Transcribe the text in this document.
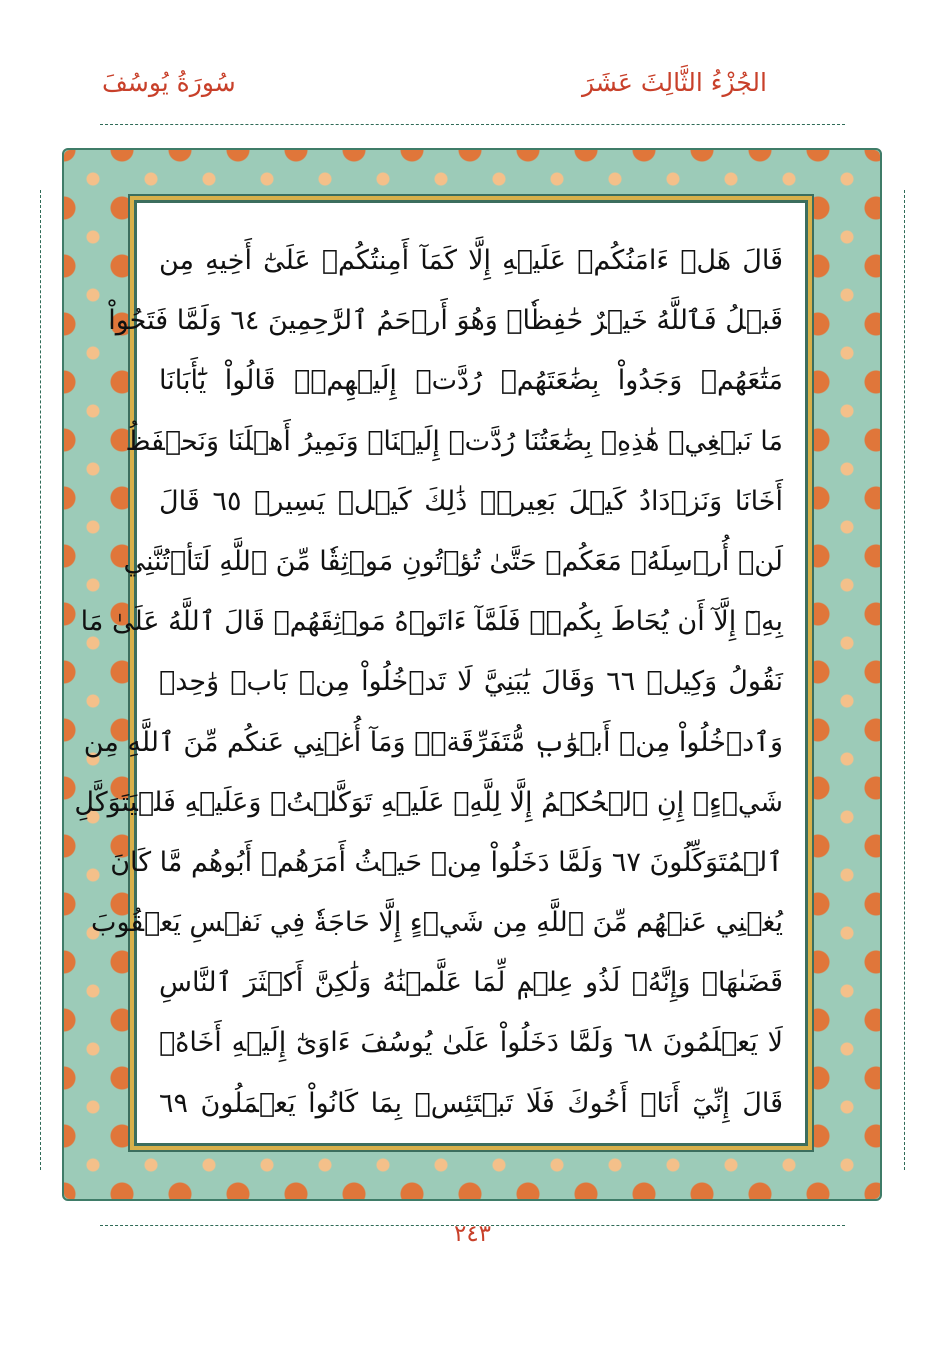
الجُزْءُ الثَّالِثَ عَشَرَ
سُورَةُ يُوسُفَ
قَالَ هَلۡ ءَامَنُكُمۡ عَلَيۡهِ إِلَّا كَمَآ أَمِنتُكُمۡ عَلَىٰٓ أَخِيهِ مِن
قَبۡلُ فَٱللَّهُ خَيۡرٌ حَٰفِظٗاۖ وَهُوَ أَرۡحَمُ ٱلرَّٰحِمِينَ ٦٤ وَلَمَّا فَتَحُواْ
مَتَٰعَهُمۡ وَجَدُواْ بِضَٰعَتَهُمۡ رُدَّتۡ إِلَيۡهِمۡۖ قَالُواْ يَٰٓأَبَانَا
مَا نَبۡغِيۖ هَٰذِهِۦ بِضَٰعَتُنَا رُدَّتۡ إِلَيۡنَاۖ وَنَمِيرُ أَهۡلَنَا وَنَحۡفَظُ
أَخَانَا وَنَزۡدَادُ كَيۡلَ بَعِيرٖۖ ذَٰلِكَ كَيۡلٞ يَسِيرٞ ٦٥ قَالَ
لَنۡ أُرۡسِلَهُۥ مَعَكُمۡ حَتَّىٰ تُؤۡتُونِ مَوۡثِقٗا مِّنَ ٱللَّهِ لَتَأۡتُنَّنِي
بِهِۦٓ إِلَّآ أَن يُحَاطَ بِكُمۡۖ فَلَمَّآ ءَاتَوۡهُ مَوۡثِقَهُمۡ قَالَ ٱللَّهُ عَلَىٰ مَا
نَقُولُ وَكِيلٞ ٦٦ وَقَالَ يَٰبَنِيَّ لَا تَدۡخُلُواْ مِنۢ بَابٖ وَٰحِدٖ
وَٱدۡخُلُواْ مِنۡ أَبۡوَٰبٖ مُّتَفَرِّقَةٖۖ وَمَآ أُغۡنِي عَنكُم مِّنَ ٱللَّهِ مِن
شَيۡءٍۖ إِنِ ٱلۡحُكۡمُ إِلَّا لِلَّهِۖ عَلَيۡهِ تَوَكَّلۡتُۖ وَعَلَيۡهِ فَلۡيَتَوَكَّلِ
ٱلۡمُتَوَكِّلُونَ ٦٧ وَلَمَّا دَخَلُواْ مِنۡ حَيۡثُ أَمَرَهُمۡ أَبُوهُم مَّا كَانَ
يُغۡنِي عَنۡهُم مِّنَ ٱللَّهِ مِن شَيۡءٍ إِلَّا حَاجَةٗ فِي نَفۡسِ يَعۡقُوبَ
قَضَىٰهَاۚ وَإِنَّهُۥ لَذُو عِلۡمٖ لِّمَا عَلَّمۡنَٰهُ وَلَٰكِنَّ أَكۡثَرَ ٱلنَّاسِ
لَا يَعۡلَمُونَ ٦٨ وَلَمَّا دَخَلُواْ عَلَىٰ يُوسُفَ ءَاوَىٰٓ إِلَيۡهِ أَخَاهُۖ
قَالَ إِنِّيٓ أَنَا۠ أَخُوكَ فَلَا تَبۡتَئِسۡ بِمَا كَانُواْ يَعۡمَلُونَ ٦٩
٢٤٣
